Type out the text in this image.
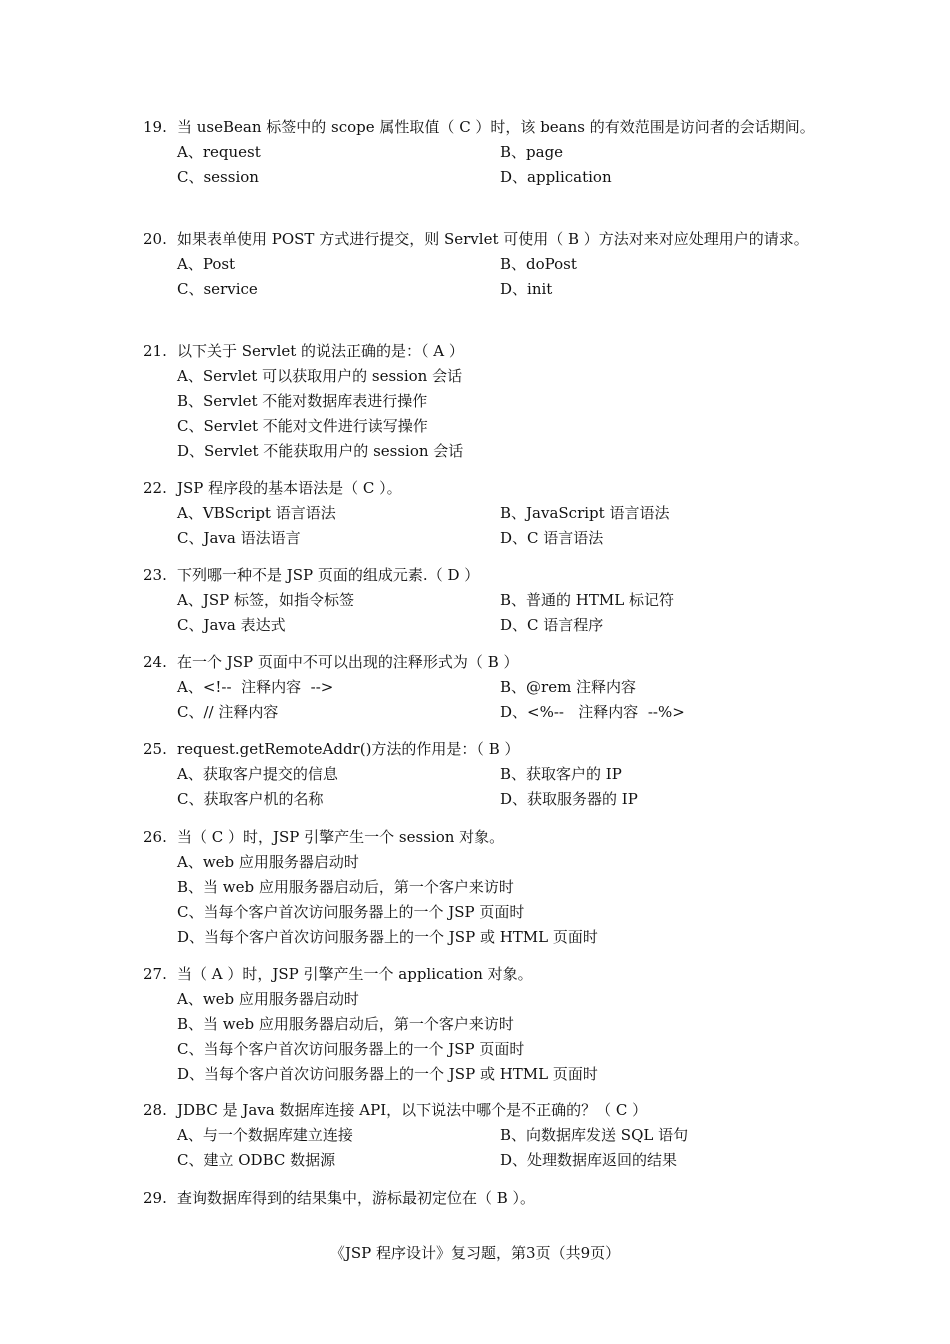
19. 当 useBean 标签中的 scope 属性取值（ C ）时，该 beans 的有效范围是访问者的会话期间。
A、request	B、page
C、session	D、application
20. 如果表单使用 POST 方式进行提交，则 Servlet 可使用（ B ）方法对来对应处理用户的请求。
A、Post	B、doPost
C、service	D、init
21. 以下关于 Servlet 的说法正确的是：（ A ）
A、Servlet 可以获取用户的 session 会话
B、Servlet 不能对数据库表进行操作
C、Servlet 不能对文件进行读写操作
D、Servlet 不能获取用户的 session 会话
22. JSP 程序段的基本语法是（ C ）。
A、VBScript 语言语法	B、JavaScript 语言语法
C、Java 语法语言	D、C 语言语法
23. 下列哪一种不是 JSP 页面的组成元素.（ D ）
A、JSP 标签，如指令标签	B、普通的 HTML 标记符
C、Java 表达式	D、C 语言程序
24. 在一个 JSP 页面中不可以出现的注释形式为（ B ）
A、<!--  注释内容  -->	B、@rem 注释内容
C、// 注释内容	D、<%--   注释内容  --%>
25. request.getRemoteAddr()方法的作用是：（ B ）
A、获取客户提交的信息	B、获取客户的 IP
C、获取客户机的名称	D、获取服务器的 IP
26. 当（ C ）时，JSP 引擎产生一个 session 对象。
A、web 应用服务器启动时
B、当 web 应用服务器启动后，第一个客户来访时
C、当每个客户首次访问服务器上的一个 JSP 页面时
D、当每个客户首次访问服务器上的一个 JSP 或 HTML 页面时
27. 当（ A ）时，JSP 引擎产生一个 application 对象。
A、web 应用服务器启动时
B、当 web 应用服务器启动后，第一个客户来访时
C、当每个客户首次访问服务器上的一个 JSP 页面时
D、当每个客户首次访问服务器上的一个 JSP 或 HTML 页面时
28. JDBC 是 Java 数据库连接 API，以下说法中哪个是不正确的？（ C ）
A、与一个数据库建立连接	B、向数据库发送 SQL 语句
C、建立 ODBC 数据源	D、处理数据库返回的结果
29. 查询数据库得到的结果集中，游标最初定位在（ B ）。
《JSP 程序设计》复习题，第3页（共9页）
